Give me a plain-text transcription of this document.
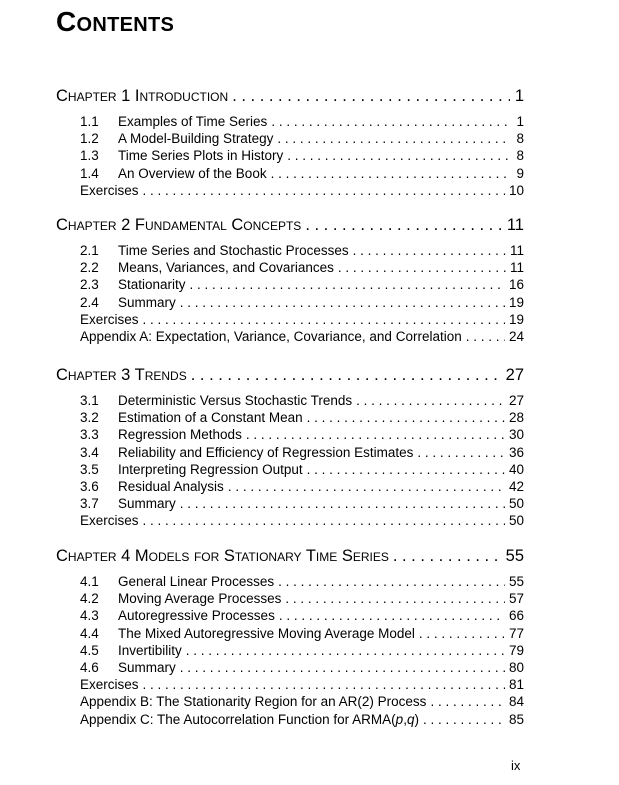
Contents
Chapter 1 Introduction . . .	1
1.1	Examples of Time Series . . .	1
1.2	A Model-Building Strategy . . .	8
1.3	Time Series Plots in History . . .	8
1.4	An Overview of the Book . . .	9
Exercises . . .	10
Chapter 2 Fundamental Concepts . . .	11
2.1	Time Series and Stochastic Processes . . .	11
2.2	Means, Variances, and Covariances . . .	11
2.3	Stationarity . . .	16
2.4	Summary . . .	19
Exercises . . .	19
Appendix A: Expectation, Variance, Covariance, and Correlation . . .	24
Chapter 3 Trends . . .	27
3.1	Deterministic Versus Stochastic Trends . . .	27
3.2	Estimation of a Constant Mean . . .	28
3.3	Regression Methods . . .	30
3.4	Reliability and Efficiency of Regression Estimates . . .	36
3.5	Interpreting Regression Output . . .	40
3.6	Residual Analysis . . .	42
3.7	Summary . . .	50
Exercises . . .	50
Chapter 4 Models for Stationary Time Series . . .	55
4.1	General Linear Processes . . .	55
4.2	Moving Average Processes . . .	57
4.3	Autoregressive Processes . . .	66
4.4	The Mixed Autoregressive Moving Average Model . . .	77
4.5	Invertibility . . .	79
4.6	Summary . . .	80
Exercises . . .	81
Appendix B: The Stationarity Region for an AR(2) Process . . .	84
Appendix C: The Autocorrelation Function for ARMA(p,q) . . .	85
ix
